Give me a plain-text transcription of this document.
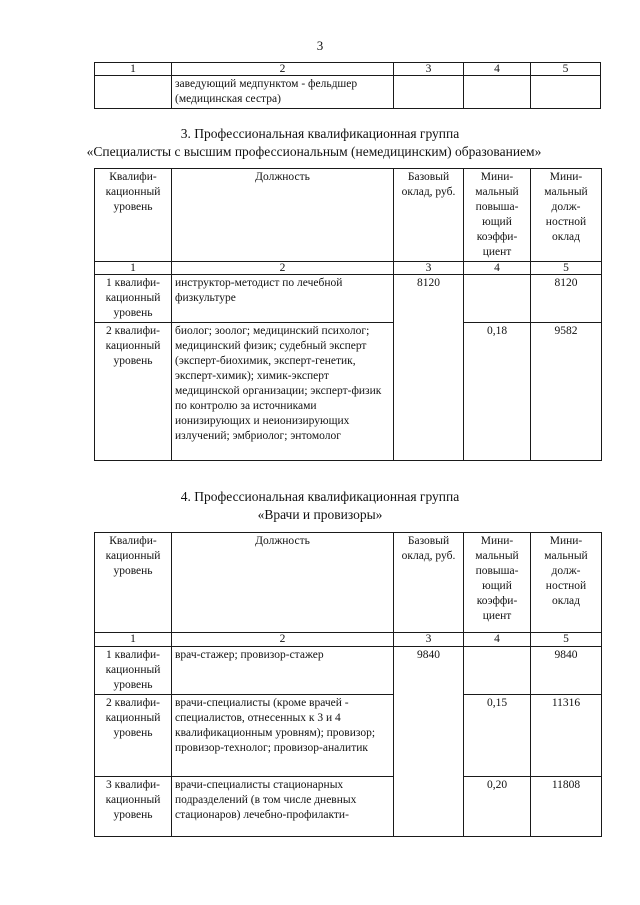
3
1	2	3	4	5
	заведующий медпунктом - фельдшер (медицинская сестра)			
3. Профессиональная квалификационная группа
«Специалисты с высшим профессиональным (немедицинским) образованием»
Квалифи-кационный уровень	Должность	Базовый оклад, руб.	Мини-мальный повыша-ющий коэффи-циент	Мини-мальный долж-ностной оклад
1	2	3	4	5
1 квалифи-кационный уровень	инструктор-методист по лечебной физкультуре	8120		8120
2 квалифи-кационный уровень	биолог; зоолог; медицинский психолог; медицинский физик; судебный эксперт (эксперт-биохимик, эксперт-генетик, эксперт-химик); химик-эксперт медицинской организации; эксперт-физик по контролю за источниками ионизирующих и неионизирующих излучений; эмбриолог; энтомолог		0,18	9582
4. Профессиональная квалификационная группа
«Врачи и провизоры»
Квалифи-кационный уровень	Должность	Базовый оклад, руб.	Мини-мальный повыша-ющий коэффи-циент	Мини-мальный долж-ностной оклад
1	2	3	4	5
1 квалифи-кационный уровень	врач-стажер; провизор-стажер	9840		9840
2 квалифи-кационный уровень	врачи-специалисты (кроме врачей - специалистов, отнесенных к 3 и 4 квалификационным уровням); провизор; провизор-технолог; провизор-аналитик		0,15	11316
3 квалифи-кационный уровень	врачи-специалисты стационарных подразделений (в том числе дневных стационаров) лечебно-профилакти-		0,20	11808
